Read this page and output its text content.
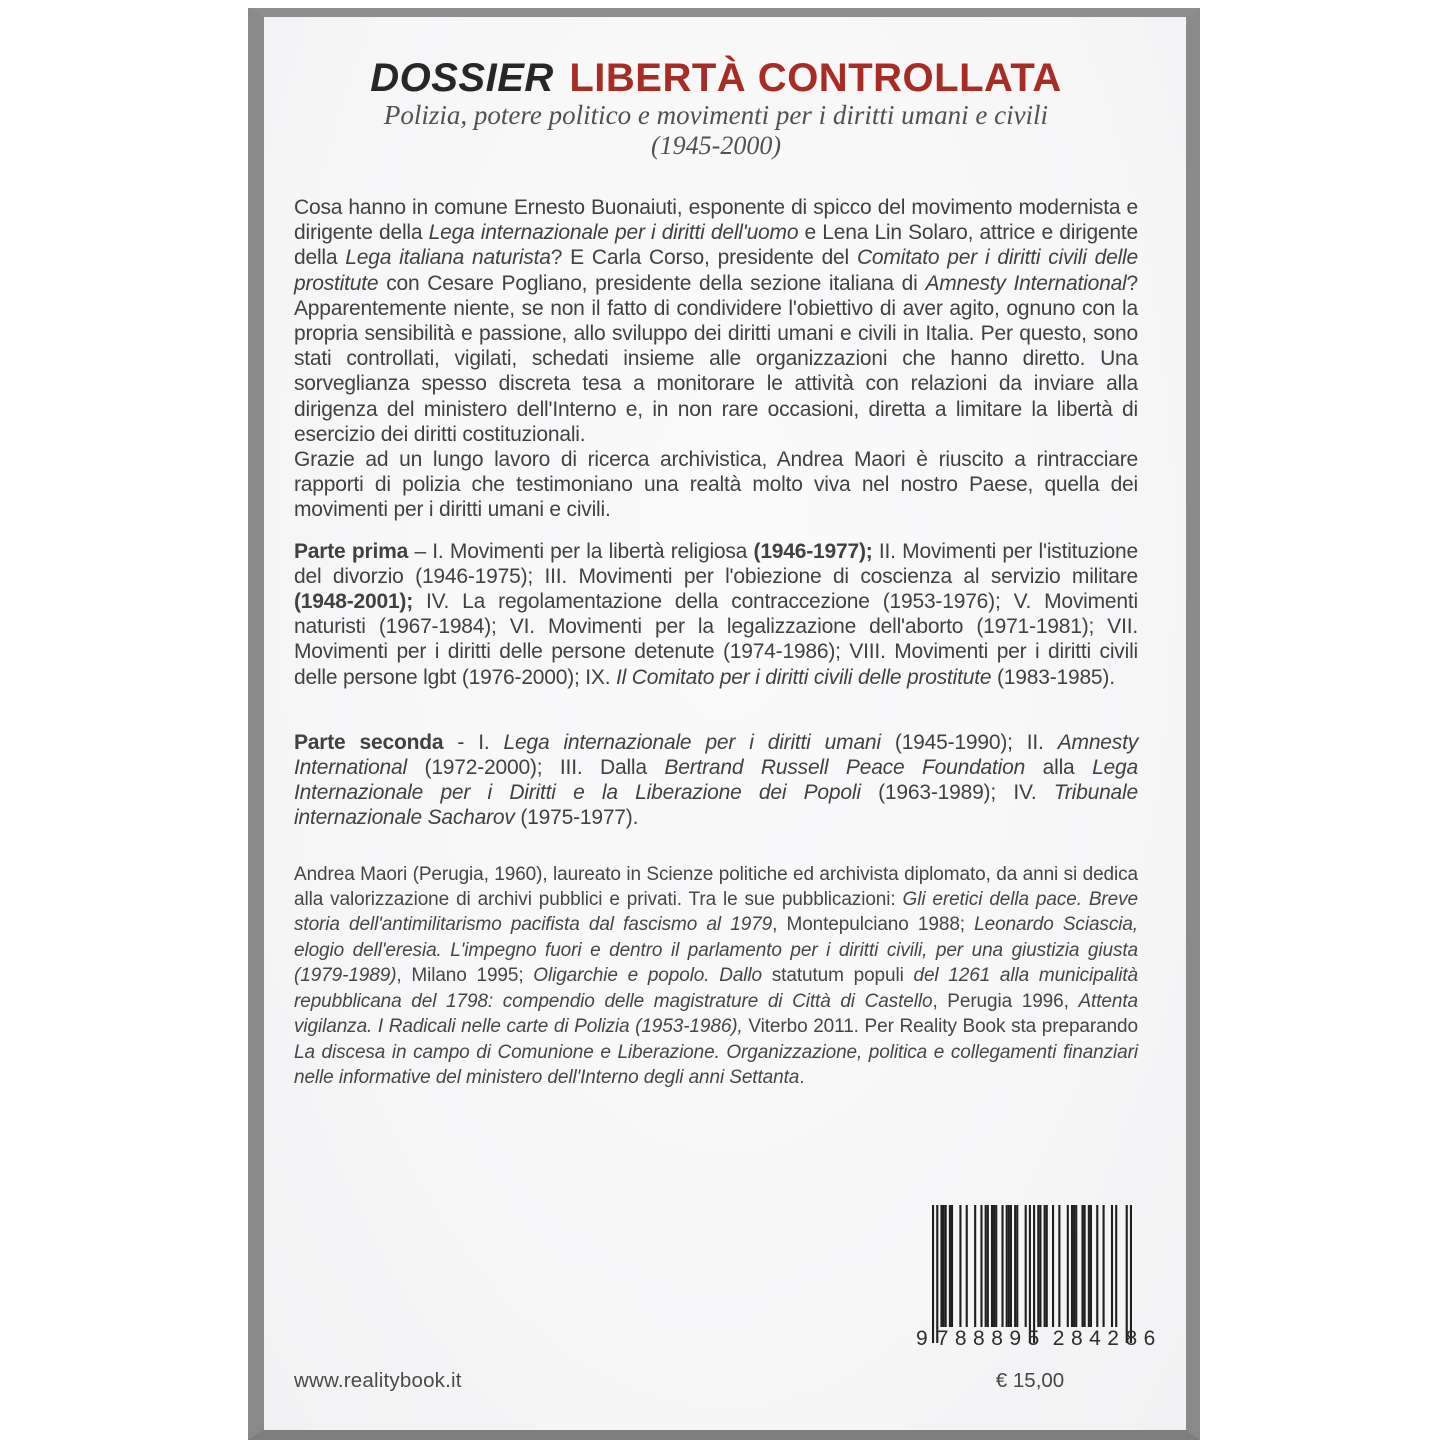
DOSSIER LIBERTÀ CONTROLLATA

Polizia, potere politico e movimenti per i diritti umani e civili

(1945-2000)

Cosa hanno in comune Ernesto Buonaiuti, esponente di spicco del movimento modernista e dirigente della Lega internazionale per i diritti dell'uomo e Lena Lin Solaro, attrice e dirigente della Lega italiana naturista? E Carla Corso, presidente del Comitato per i diritti civili delle prostitute con Cesare Pogliano, presidente della sezione italiana di Amnesty International? Apparentemente niente, se non il fatto di condividere l'obiettivo di aver agito, ognuno con la propria sensibilità e passione, allo sviluppo dei diritti umani e civili in Italia. Per questo, sono stati controllati, vigilati, schedati insieme alle organizzazioni che hanno diretto. Una sorveglianza spesso discreta tesa a monitorare le attività con relazioni da inviare alla dirigenza del ministero dell'Interno e, in non rare occasioni, diretta a limitare la libertà di esercizio dei diritti costituzionali.

Grazie ad un lungo lavoro di ricerca archivistica, Andrea Maori è riuscito a rintracciare rapporti di polizia che testimoniano una realtà molto viva nel nostro Paese, quella dei movimenti per i diritti umani e civili.

Parte prima – I. Movimenti per la libertà religiosa (1946-1977); II. Movimenti per l'istituzione del divorzio (1946-1975); III. Movimenti per l'obiezione di coscienza al servizio militare (1948-2001); IV. La regolamentazione della contraccezione (1953-1976); V. Movimenti naturisti (1967-1984); VI. Movimenti per la legalizzazione dell'aborto (1971-1981); VII. Movimenti per i diritti delle persone detenute (1974-1986); VIII. Movimenti per i diritti civili delle persone lgbt (1976-2000); IX. Il Comitato per i diritti civili delle prostitute (1983-1985).

Parte seconda - I. Lega internazionale per i diritti umani (1945-1990); II. Amnesty International (1972-2000); III. Dalla Bertrand Russell Peace Foundation alla Lega Internazionale per i Diritti e la Liberazione dei Popoli (1963-1989); IV. Tribunale internazionale Sacharov (1975-1977).

Andrea Maori (Perugia, 1960), laureato in Scienze politiche ed archivista diplomato, da anni si dedica alla valorizzazione di archivi pubblici e privati. Tra le sue pubblicazioni: Gli eretici della pace. Breve storia dell'antimilitarismo pacifista dal fascismo al 1979, Montepulciano 1988; Leonardo Sciascia, elogio dell'eresia. L'impegno fuori e dentro il parlamento per i diritti civili, per una giustizia giusta (1979-1989), Milano 1995; Oligarchie e popolo. Dallo statutum populi del 1261 alla municipalità repubblicana del 1798: compendio delle magistrature di Città di Castello, Perugia 1996, Attenta vigilanza. I Radicali nelle carte di Polizia (1953-1986), Viterbo 2011. Per Reality Book sta preparando La discesa in campo di Comunione e Liberazione. Organizzazione, politica e collegamenti finanziari nelle informative del ministero dell'Interno degli anni Settanta.

9 788895 284286
www.realitybook.it	€ 15,00
